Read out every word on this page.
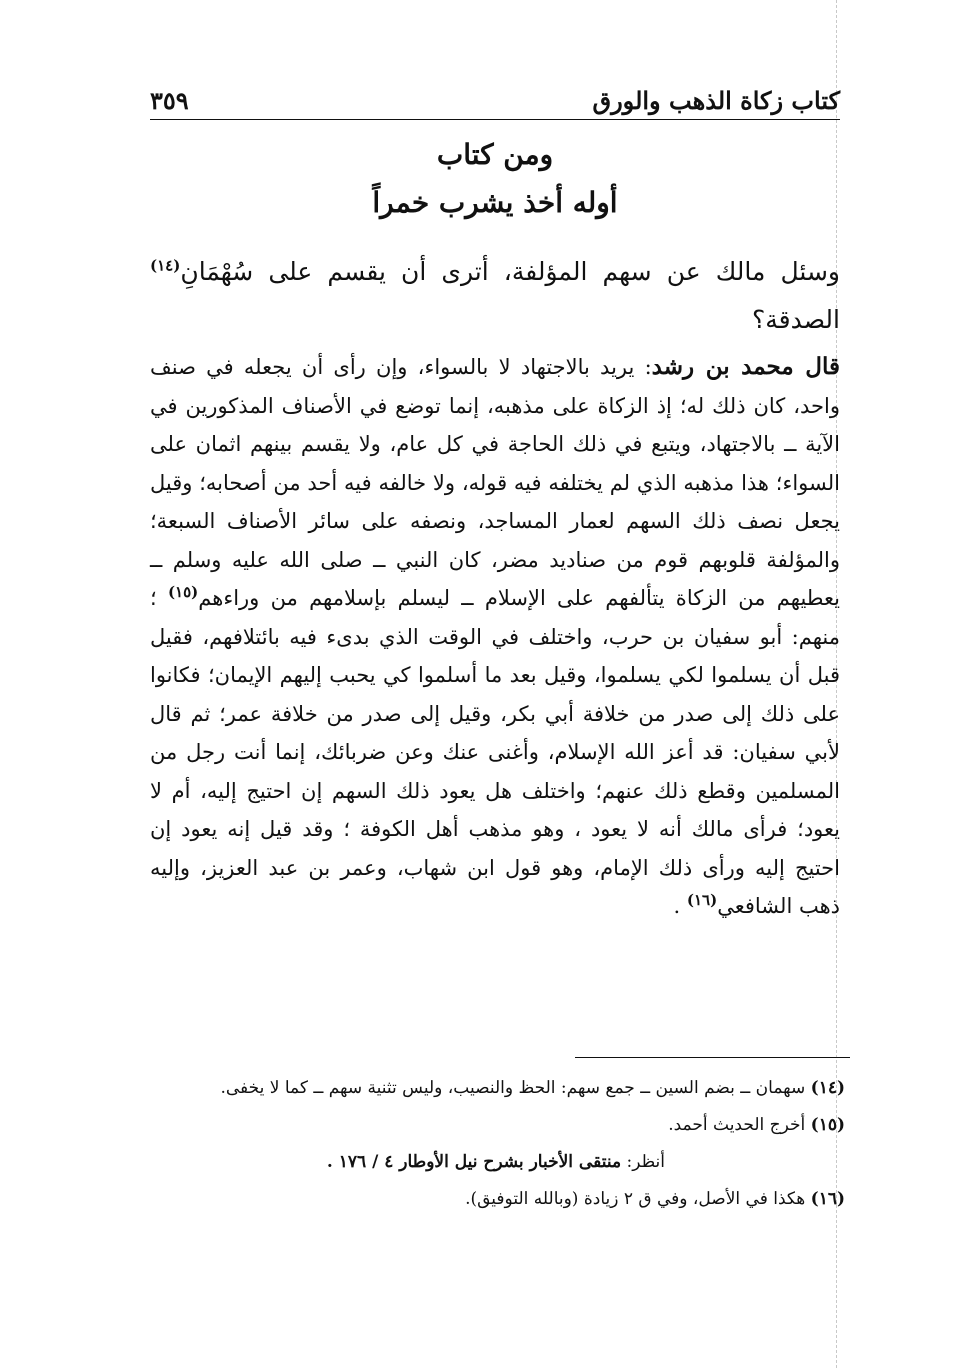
كتاب زكاة الذهب والورق
٣٥٩
ومن كتاب
أوله أخذ يشرب خمراً

وسئل مالك عن سهم المؤلفة، أترى أن يقسم على سُهْمَانِ$^{(١٤)}$ الصدقة؟

قال محمد بن رشد: يريد بالاجتهاد لا بالسواء، وإن رأى أن يجعله في صنف واحد، كان ذلك له؛ إذ الزكاة على مذهبه، إنما توضع في الأصناف المذكورين في الآية ــ بالاجتهاد، ويتبع في ذلك الحاجة في كل عام، ولا يقسم بينهم اثمان على السواء؛ هذا مذهبه الذي لم يختلفه فيه قوله، ولا خالفه فيه أحد من أصحابه؛ وقيل يجعل نصف ذلك السهم لعمار المساجد، ونصفه على سائر الأصناف السبعة؛ والمؤلفة قلوبهم قوم من صناديد مضر، كان النبي ــ صلى الله عليه وسلم ــ يعطيهم من الزكاة يتألفهم على الإسلام ــ ليسلم بإسلامهم من وراءهم$^{(١٥)}$ ؛ منهم: أبو سفيان بن حرب، واختلف في الوقت الذي بدىء فيه بائتلافهم، فقيل قبل أن يسلموا لكي يسلموا، وقيل بعد ما أسلموا كي يحبب إليهم الإيمان؛ فكانوا على ذلك إلى صدر من خلافة أبي بكر، وقيل إلى صدر من خلافة عمر؛ ثم قال لأبي سفيان: قد أعز الله الإسلام، وأغنى عنك وعن ضربائك، إنما أنت رجل من المسلمين وقطع ذلك عنهم؛ واختلف هل يعود ذلك السهم إن احتيج إليه، أم لا يعود؛ فرأى مالك أنه لا يعود ، وهو مذهب أهل الكوفة ؛ وقد قيل إنه يعود إن احتيج إليه ورأى ذلك الإمام، وهو قول ابن شهاب، وعمر بن عبد العزيز، وإليه ذهب الشافعي$^{(١٦)}$ .

(١٤) سهمان ــ بضم السين ــ جمع سهم: الحظ والنصيب، وليس تثنية سهم ــ كما لا يخفى.

(١٥) أخرج الحديث أحمد.

أنظر: منتقى الأخبار بشرح نيل الأوطار ٤ / ١٧٦ .

(١٦) هكذا في الأصل، وفي ق ٢ زيادة (وبالله التوفيق).
